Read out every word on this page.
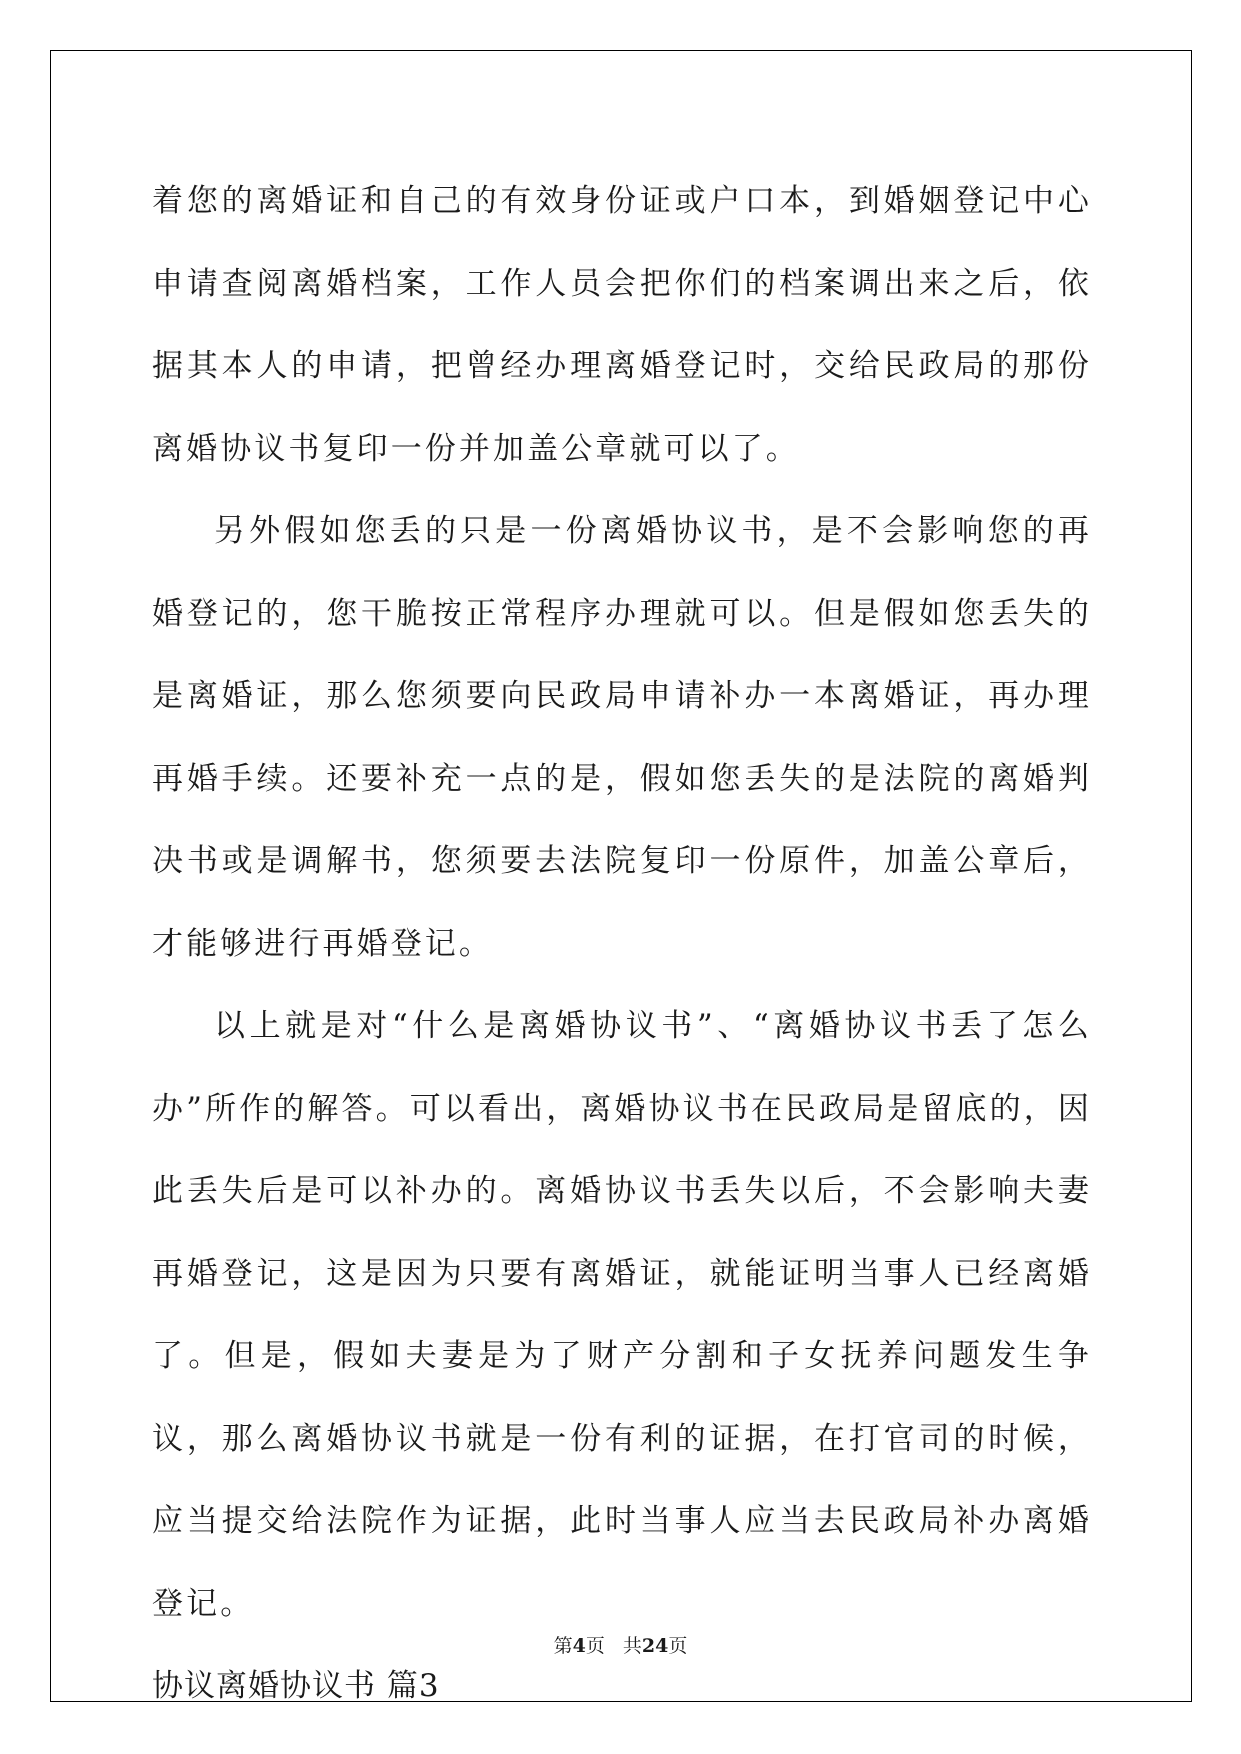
着您的离婚证和自己的有效身份证或户口本，到婚姻登记中心申请查阅离婚档案，工作人员会把你们的档案调出来之后，依据其本人的申请，把曾经办理离婚登记时，交给民政局的那份离婚协议书复印一份并加盖公章就可以了。

另外假如您丢的只是一份离婚协议书，是不会影响您的再婚登记的，您干脆按正常程序办理就可以。但是假如您丢失的是离婚证，那么您须要向民政局申请补办一本离婚证，再办理再婚手续。还要补充一点的是，假如您丢失的是法院的离婚判决书或是调解书，您须要去法院复印一份原件，加盖公章后，才能够进行再婚登记。

以上就是对“什么是离婚协议书”、“离婚协议书丢了怎么办”所作的解答。可以看出，离婚协议书在民政局是留底的，因此丢失后是可以补办的。离婚协议书丢失以后，不会影响夫妻再婚登记，这是因为只要有离婚证，就能证明当事人已经离婚了。但是，假如夫妻是为了财产分割和子女抚养问题发生争议，那么离婚协议书就是一份有利的证据，在打官司的时候，应当提交给法院作为证据，此时当事人应当去民政局补办离婚登记。

协议离婚协议书 篇3

第4页 共24页
